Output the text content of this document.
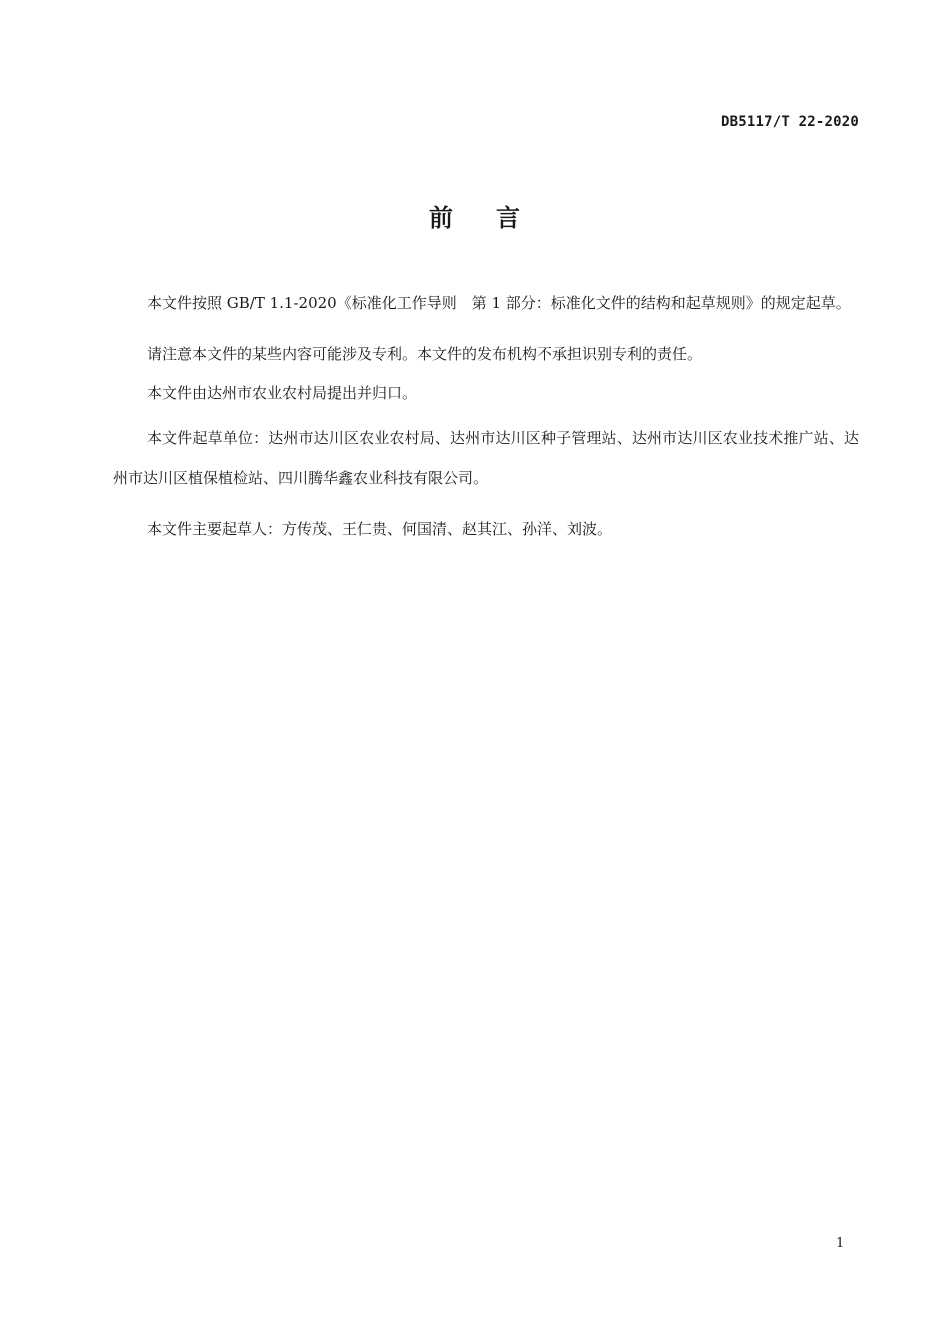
DB5117/T 22-2020
前 言

本文件按照 GB/T 1.1-2020《标准化工作导则　第 1 部分：标准化文件的结构和起草规则》的规定起草。

请注意本文件的某些内容可能涉及专利。本文件的发布机构不承担识别专利的责任。

本文件由达州市农业农村局提出并归口。

本文件起草单位：达州市达川区农业农村局、达州市达川区种子管理站、达州市达川区农业技术推广站、达州市达川区植保植检站、四川腾华鑫农业科技有限公司。

本文件主要起草人：方传茂、王仁贵、何国清、赵其江、孙洋、刘波。

1
